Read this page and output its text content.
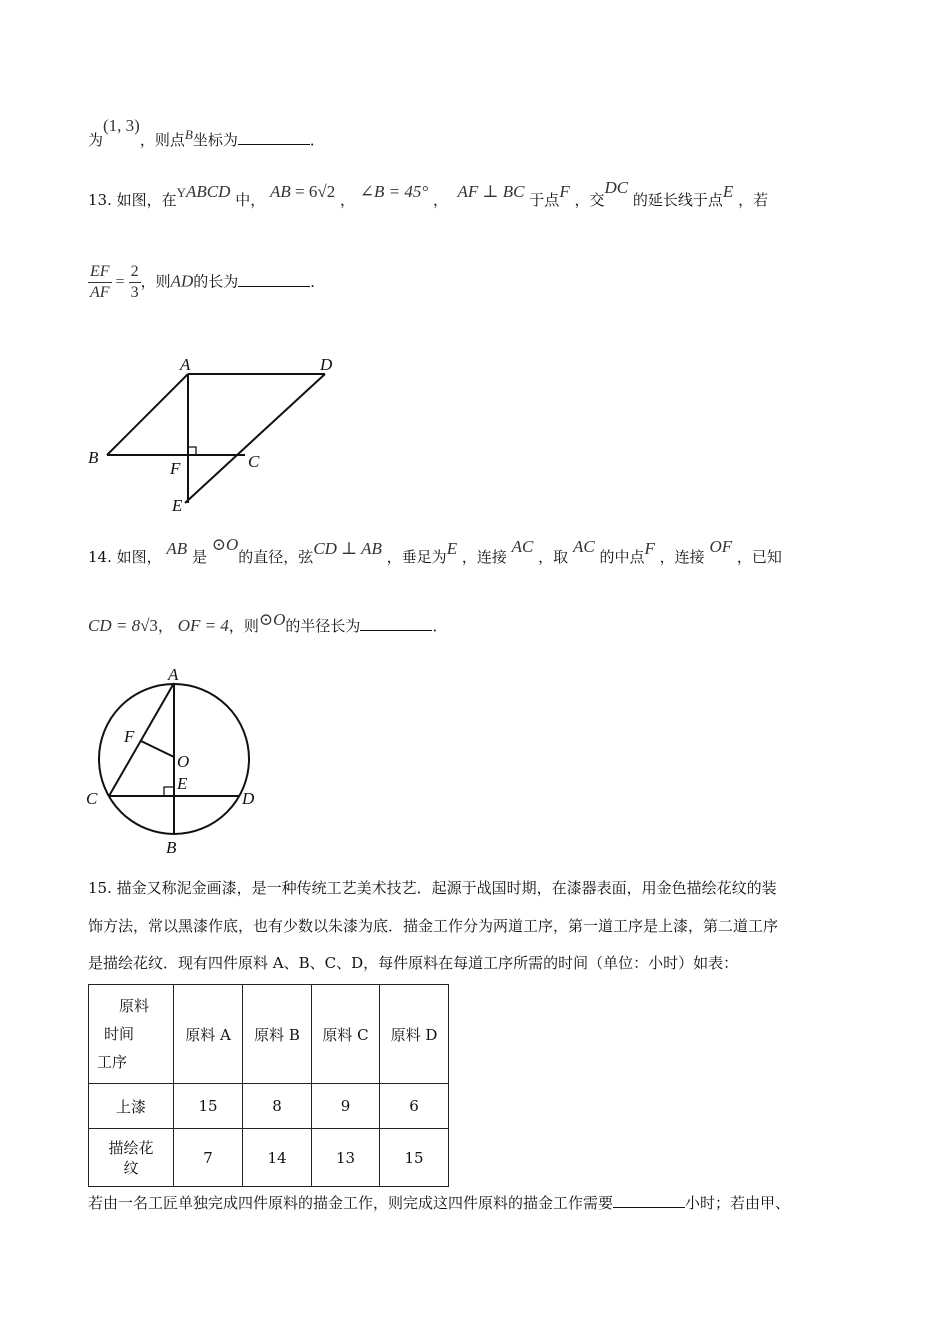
为(1, 3)，则点B坐标为	．
13. 如图，在YABCD 中， AB = 6√2 ， ∠B = 45° ， AF ⊥ BC 于点F ，交DC 的延长线于点E ，若
$\frac{EF}{AF} = \frac{2}{3}$ ，则AD的长为	．
A	D
B
F	C
E
14. 如图， AB 是 ⊙O的直径，弦CD ⊥ AB ，垂足为E ，连接 AC ，取 AC 的中点F ，连接 OF ，已知
CD = 8√3， OF = 4，则⊙O的半径长为	．
A
F
O
E
C	D
B
15. 描金又称泥金画漆，是一种传统工艺美术技艺．起源于战国时期，在漆器表面，用金色描绘花纹的装
饰方法，常以黑漆作底，也有少数以朱漆为底．描金工作分为两道工序，第一道工序是上漆，第二道工序
是描绘花纹．现有四件原料 A、B、C、D，每件原料在每道工序所需的时间（单位：小时）如表：
原料
时间
工序	原料 A	原料 B	原料 C	原料 D
上漆	15	8	9	6
描绘花纹	7	14	13	15
若由一名工匠单独完成四件原料的描金工作，则完成这四件原料的描金工作需要	小时；若由甲、
